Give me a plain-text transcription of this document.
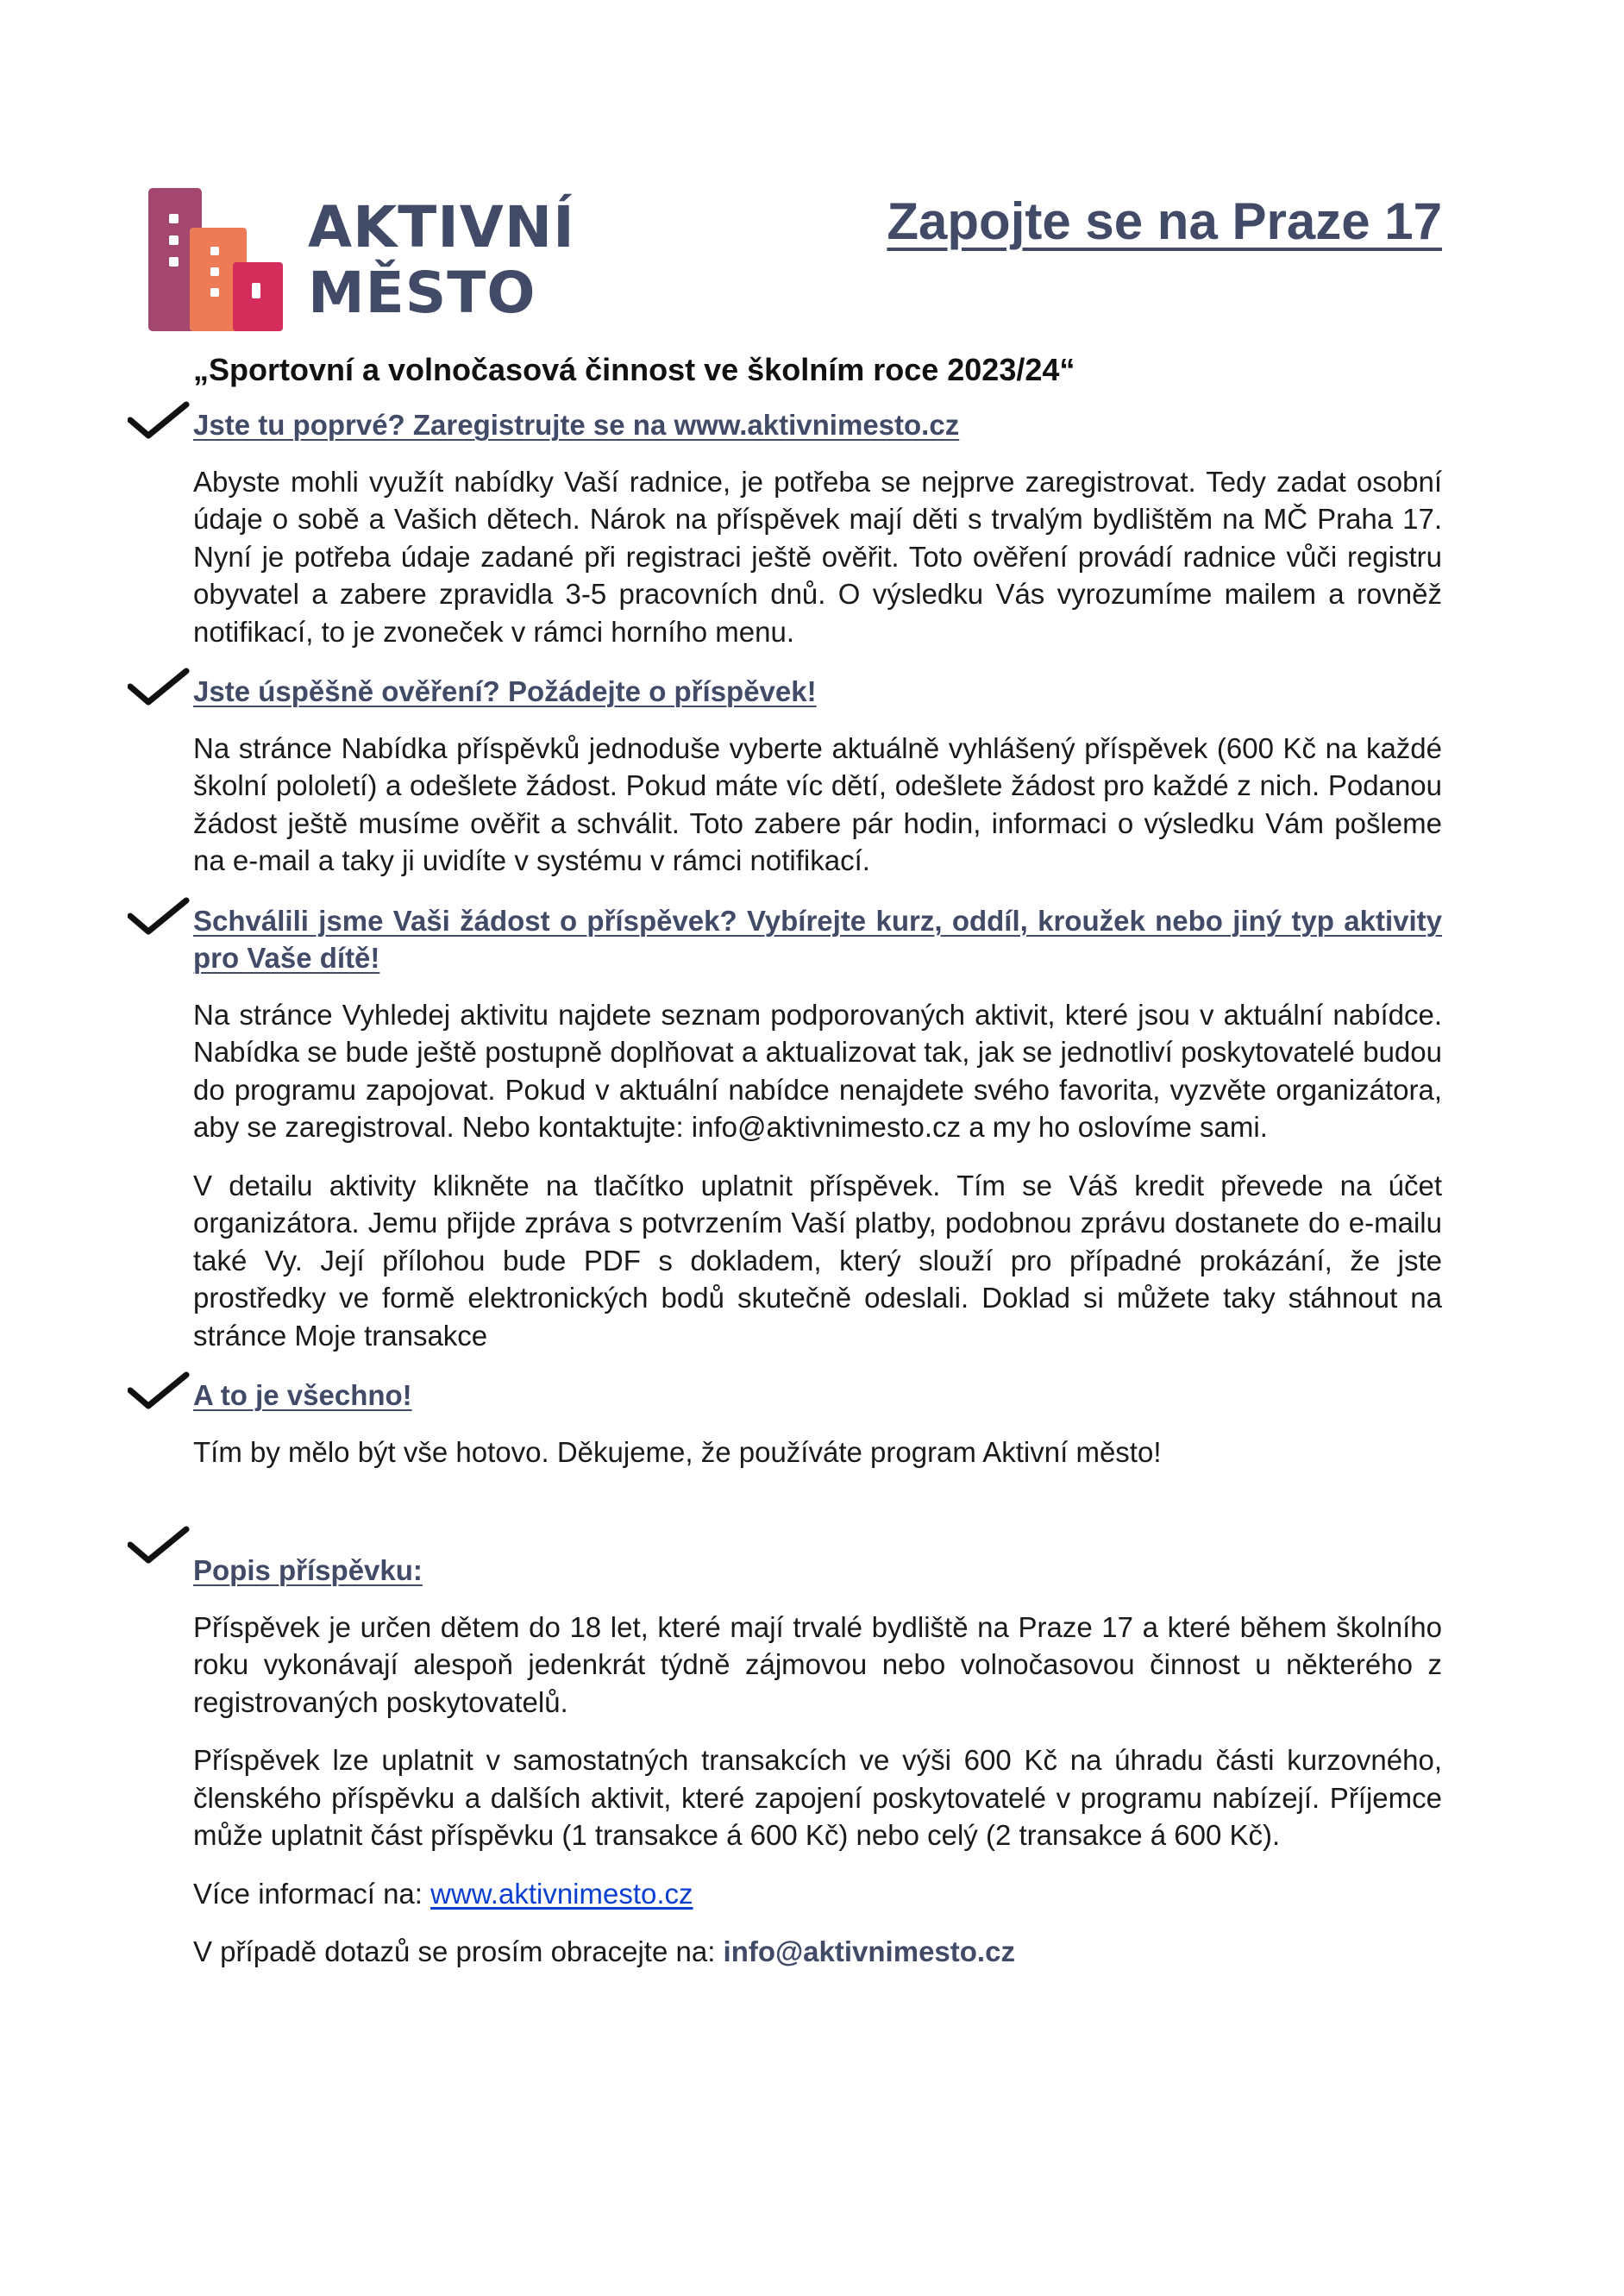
AKTIVNÍ
MĚSTO
Zapojte se na Praze 17
„Sportovní a volnočasová činnost ve školním roce 2023/24“
Jste tu poprvé? Zaregistrujte se na www.aktivnimesto.cz

Abyste mohli využít nabídky Vaší radnice, je potřeba se nejprve zaregistrovat. Tedy zadat osobní údaje o sobě a Vašich dětech. Nárok na příspěvek mají děti s trvalým bydlištěm na MČ Praha 17. Nyní je potřeba údaje zadané při registraci ještě ověřit. Toto ověření provádí radnice vůči registru obyvatel a zabere zpravidla 3-5 pracovních dnů. O výsledku Vás vyrozumíme mailem a rovněž notifikací, to je zvoneček v rámci horního menu.

Jste úspěšně ověření? Požádejte o příspěvek!

Na stránce Nabídka příspěvků jednoduše vyberte aktuálně vyhlášený příspěvek (600 Kč na každé školní pololetí) a odešlete žádost. Pokud máte víc dětí, odešlete žádost pro každé z nich. Podanou žádost ještě musíme ověřit a schválit. Toto zabere pár hodin, informaci o výsledku Vám pošleme na e-mail a taky ji uvidíte v systému v rámci notifikací.

Schválili jsme Vaši žádost o příspěvek? Vybírejte kurz, oddíl, kroužek nebo jiný typ aktivity pro Vaše dítě!

Na stránce Vyhledej aktivitu najdete seznam podporovaných aktivit, které jsou v aktuální nabídce. Nabídka se bude ještě postupně doplňovat a aktualizovat tak, jak se jednotliví poskytovatelé budou do programu zapojovat. Pokud v aktuální nabídce nenajdete svého favorita, vyzvěte organizátora, aby se zaregistroval. Nebo kontaktujte: info@aktivnimesto.cz a my ho oslovíme sami.

V detailu aktivity klikněte na tlačítko uplatnit příspěvek. Tím se Váš kredit převede na účet organizátora. Jemu přijde zpráva s potvrzením Vaší platby, podobnou zprávu dostanete do e-mailu také Vy. Její přílohou bude PDF s dokladem, který slouží pro případné prokázání, že jste prostředky ve formě elektronických bodů skutečně odeslali. Doklad si můžete taky stáhnout na stránce Moje transakce

A to je všechno!

Tím by mělo být vše hotovo. Děkujeme, že používáte program Aktivní město!

Popis příspěvku:

Příspěvek je určen dětem do 18 let, které mají trvalé bydliště na Praze 17 a které během školního roku vykonávají alespoň jedenkrát týdně zájmovou nebo volnočasovou činnost u některého z registrovaných poskytovatelů.

Příspěvek lze uplatnit v samostatných transakcích ve výši 600 Kč na úhradu části kurzovného, členského příspěvku a dalších aktivit, které zapojení poskytovatelé v programu nabízejí. Příjemce může uplatnit část příspěvku (1 transakce á 600 Kč) nebo celý (2 transakce á 600 Kč).

Více informací na: www.aktivnimesto.cz

V případě dotazů se prosím obracejte na: info@aktivnimesto.cz
